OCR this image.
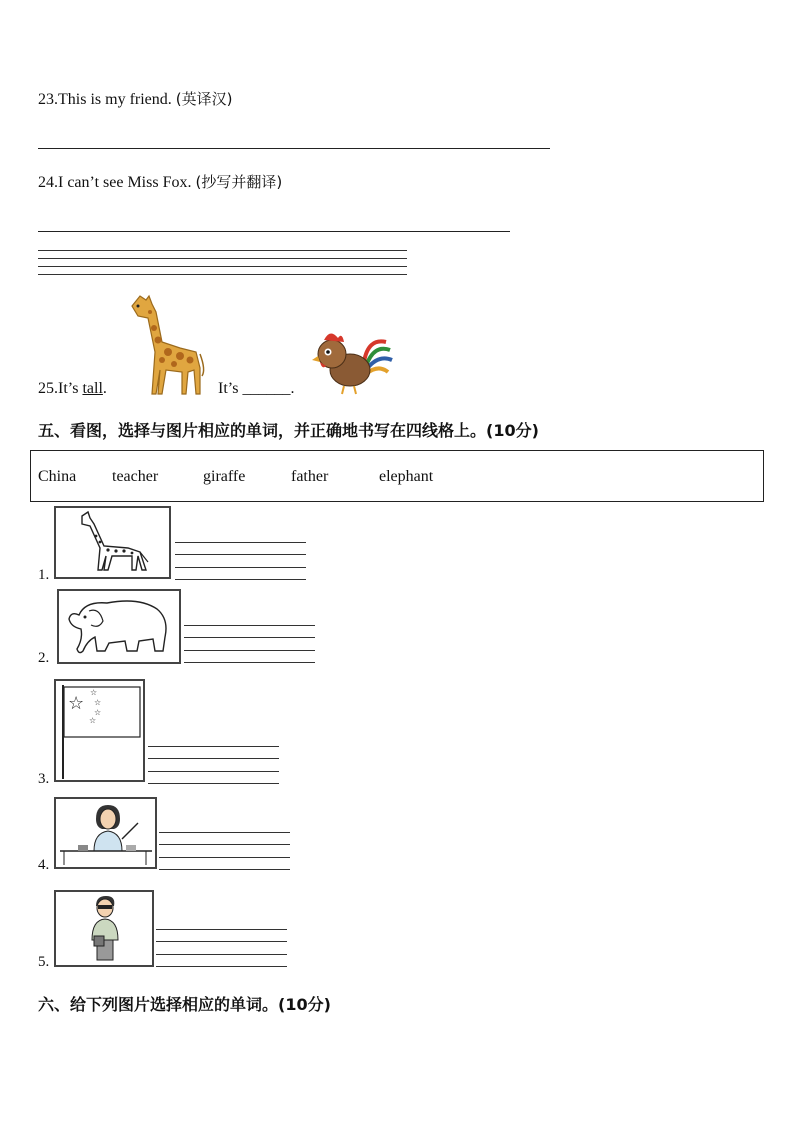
23.This is my friend. (英译汉)
24.I can’t see Miss Fox. (抄写并翻译)
25.It’s tall.	It’s ______.
五、看图，选择与图片相应的单词，并正确地书写在四线格上。(10分)
China teacher	giraffe	father	elephant
1.
2.
☆
☆
☆
☆
☆
3.
4.
5.
六、给下列图片选择相应的单词。(10分)
